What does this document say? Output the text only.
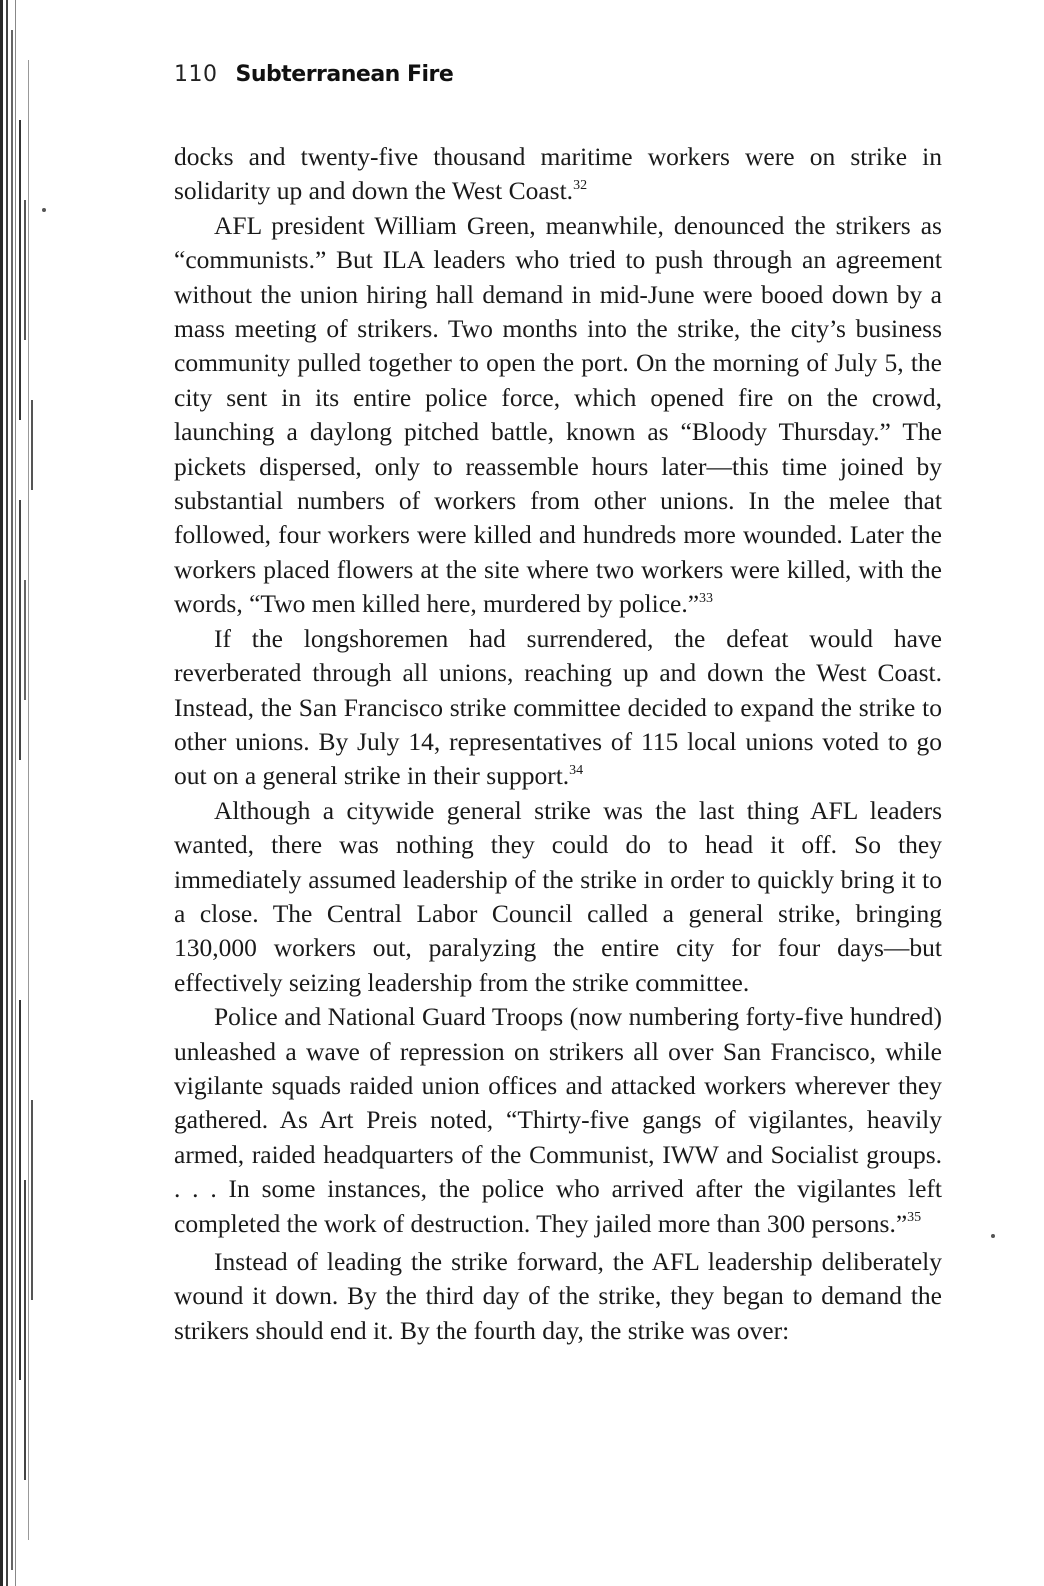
110 Subterranean Fire

docks and twenty-five thousand maritime workers were on strike in solidarity up and down the West Coast.$^{32}$

AFL president William Green, meanwhile, denounced the strikers as “communists.” But ILA leaders who tried to push through an agreement without the union hiring hall demand in mid-June were booed down by a mass meeting of strikers. Two months into the strike, the city’s business community pulled together to open the port. On the morning of July 5, the city sent in its entire police force, which opened fire on the crowd, launching a daylong pitched battle, known as “Bloody Thursday.” The pickets dispersed, only to reassemble hours later—this time joined by substantial numbers of workers from other unions. In the melee that followed, four workers were killed and hundreds more wounded. Later the workers placed flowers at the site where two workers were killed, with the words, “Two men killed here, murdered by police.”$^{33}$

If the longshoremen had surrendered, the defeat would have reverberated through all unions, reaching up and down the West Coast. Instead, the San Francisco strike committee decided to expand the strike to other unions. By July 14, representatives of 115 local unions voted to go out on a general strike in their support.$^{34}$

Although a citywide general strike was the last thing AFL leaders wanted, there was nothing they could do to head it off. So they immediately assumed leadership of the strike in order to quickly bring it to a close. The Central Labor Council called a general strike, bringing 130,000 workers out, paralyzing the entire city for four days—but effectively seizing leadership from the strike committee.

Police and National Guard Troops (now numbering forty-five hundred) unleashed a wave of repression on strikers all over San Francisco, while vigilante squads raided union offices and attacked workers wherever they gathered. As Art Preis noted, “Thirty-five gangs of vigilantes, heavily armed, raided headquarters of the Communist, IWW and Socialist groups. . . . In some instances, the police who arrived after the vigilantes left completed the work of destruction. They jailed more than 300 persons.”$^{35}$

Instead of leading the strike forward, the AFL leadership deliberately wound it down. By the third day of the strike, they began to demand the strikers should end it. By the fourth day, the strike was over:
